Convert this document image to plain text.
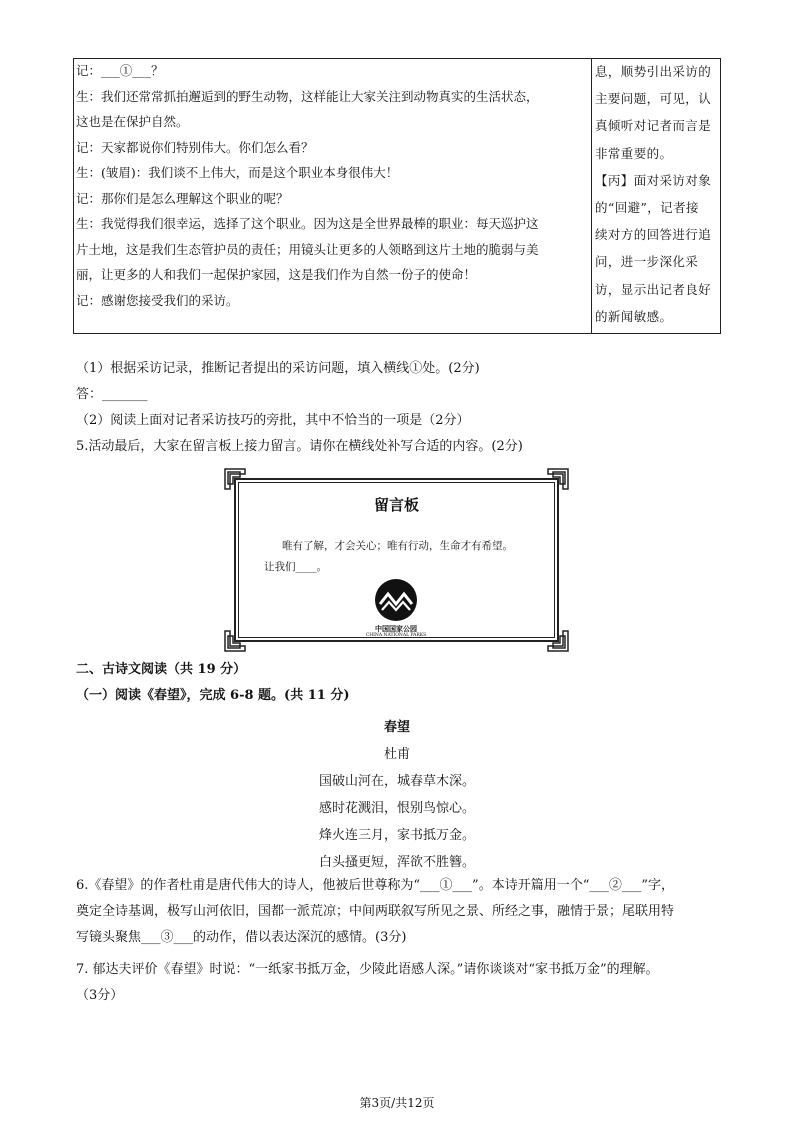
记：___①___？
生：我们还常常抓拍邂逅到的野生动物，这样能让大家关注到动物真实的生活状态，
这也是在保护自然。
记：天家都说你们特别伟大。你们怎么看？
生：(皱眉)：我们谈不上伟大，而是这个职业本身很伟大！
记：那你们是怎么理解这个职业的呢？
生：我觉得我们很幸运，选择了这个职业。因为这是全世界最棒的职业：每天巡护这
片土地，这是我们生态管护员的责任；用镜头让更多的人领略到这片土地的脆弱与美
丽，让更多的人和我们一起保护家园，这是我们作为自然一份子的使命！
记：感谢您接受我们的采访。
息，顺势引出采访的
主要问题，可见，认
真倾听对记者而言是
非常重要的。
【丙】面对采访对象
的“回避”，记者接
续对方的回答进行追
问，进一步深化采
访，显示出记者良好
的新闻敏感。
（1）根据采访记录，推断记者提出的采访问题，填入横线①处。(2分)
答：_______
（2）阅读上面对记者采访技巧的旁批，其中不恰当的一项是（2分）
5.活动最后，大家在留言板上接力留言。请你在横线处补写合适的内容。(2分)
留言板
唯有了解，才会关心；唯有行动，生命才有希望。
让我们____。
中国国家公园
CHINA NATIONAL PARKS
二、古诗文阅读（共 19 分）
（一）阅读《春望》，完成 6-8 题。(共 11 分)
春望
杜甫
国破山河在，城春草木深。
感时花溅泪，恨别鸟惊心。
烽火连三月，家书抵万金。
白头搔更短，浑欲不胜簪。
6.《春望》的作者杜甫是唐代伟大的诗人，他被后世尊称为“___①___”。本诗开篇用一个“___②___”字，
奠定全诗基调，极写山河依旧，国都一派荒凉；中间两联叙写所见之景、所经之事，融情于景；尾联用特
写镜头聚焦___③___的动作，借以表达深沉的感情。(3分)
7. 郁达夫评价《春望》时说：“一纸家书抵万金，少陵此语感人深。”请你谈谈对“家书抵万金”的理解。
（3分）
第3页/共12页
